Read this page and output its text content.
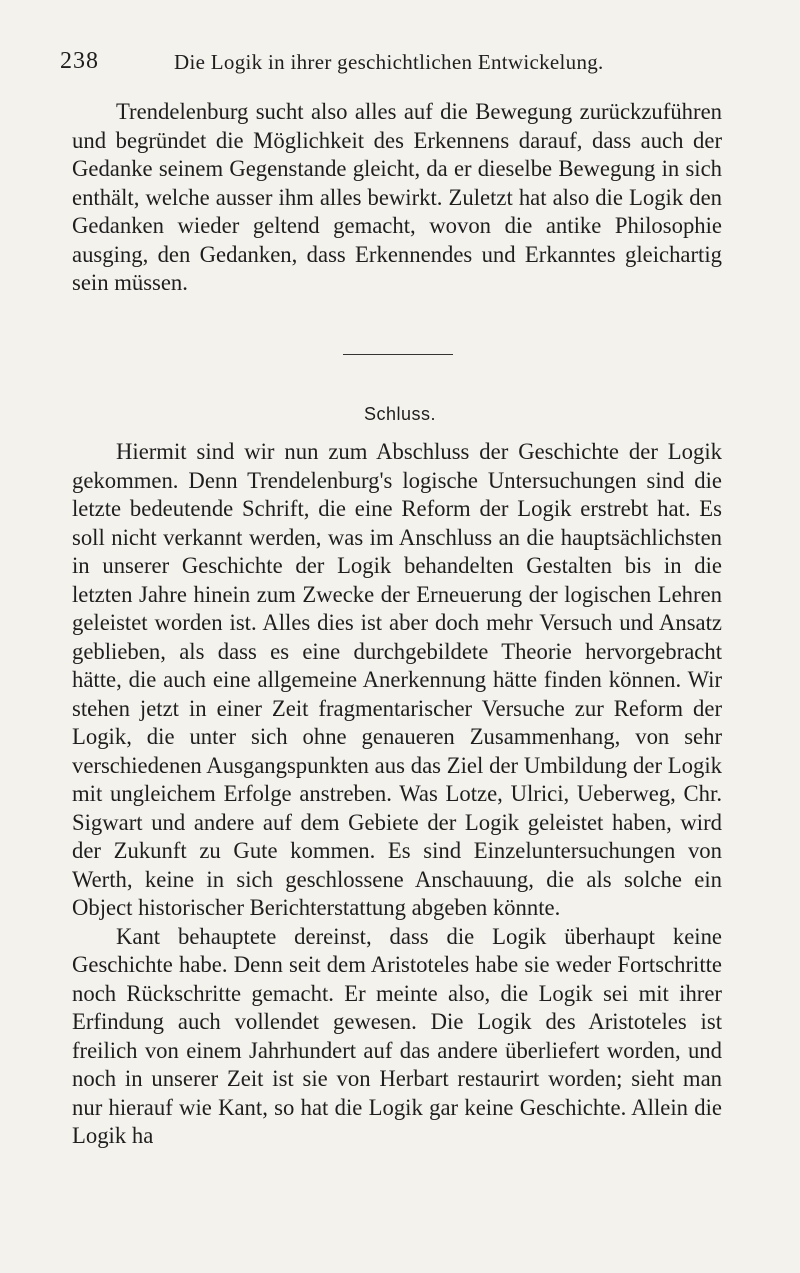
238	Die Logik in ihrer geschichtlichen Entwickelung.

Trendelenburg sucht also alles auf die Bewegung zurückzuführen und begründet die Möglichkeit des Erkennens darauf, dass auch der Gedanke seinem Gegenstande gleicht, da er dieselbe Bewegung in sich enthält, welche ausser ihm alles bewirkt. Zuletzt hat also die Logik den Gedanken wieder geltend gemacht, wovon die antike Philosophie ausging, den Gedanken, dass Erkennendes und Erkanntes gleichartig sein müssen.

Schluss.

Hiermit sind wir nun zum Abschluss der Geschichte der Logik gekommen. Denn Trendelenburg's logische Untersuchungen sind die letzte bedeutende Schrift, die eine Reform der Logik erstrebt hat. Es soll nicht verkannt werden, was im Anschluss an die hauptsächlichsten in unserer Geschichte der Logik behandelten Gestalten bis in die letzten Jahre hinein zum Zwecke der Erneuerung der logischen Lehren geleistet worden ist. Alles dies ist aber doch mehr Versuch und Ansatz geblieben, als dass es eine durchgebildete Theorie hervorgebracht hätte, die auch eine allgemeine Anerkennung hätte finden können. Wir stehen jetzt in einer Zeit fragmentarischer Versuche zur Reform der Logik, die unter sich ohne genaueren Zusammenhang, von sehr verschiedenen Ausgangspunkten aus das Ziel der Umbildung der Logik mit ungleichem Erfolge anstreben. Was Lotze, Ulrici, Ueberweg, Chr. Sigwart und andere auf dem Gebiete der Logik geleistet haben, wird der Zukunft zu Gute kommen. Es sind Einzeluntersuchungen von Werth, keine in sich geschlossene Anschauung, die als solche ein Object historischer Berichterstattung abgeben könnte.

Kant behauptete dereinst, dass die Logik überhaupt keine Geschichte habe. Denn seit dem Aristoteles habe sie weder Fortschritte noch Rückschritte gemacht. Er meinte also, die Logik sei mit ihrer Erfindung auch vollendet gewesen. Die Logik des Aristoteles ist freilich von einem Jahrhundert auf das andere überliefert worden, und noch in unserer Zeit ist sie von Herbart restaurirt worden; sieht man nur hierauf wie Kant, so hat die Logik gar keine Geschichte. Allein die Logik ha
